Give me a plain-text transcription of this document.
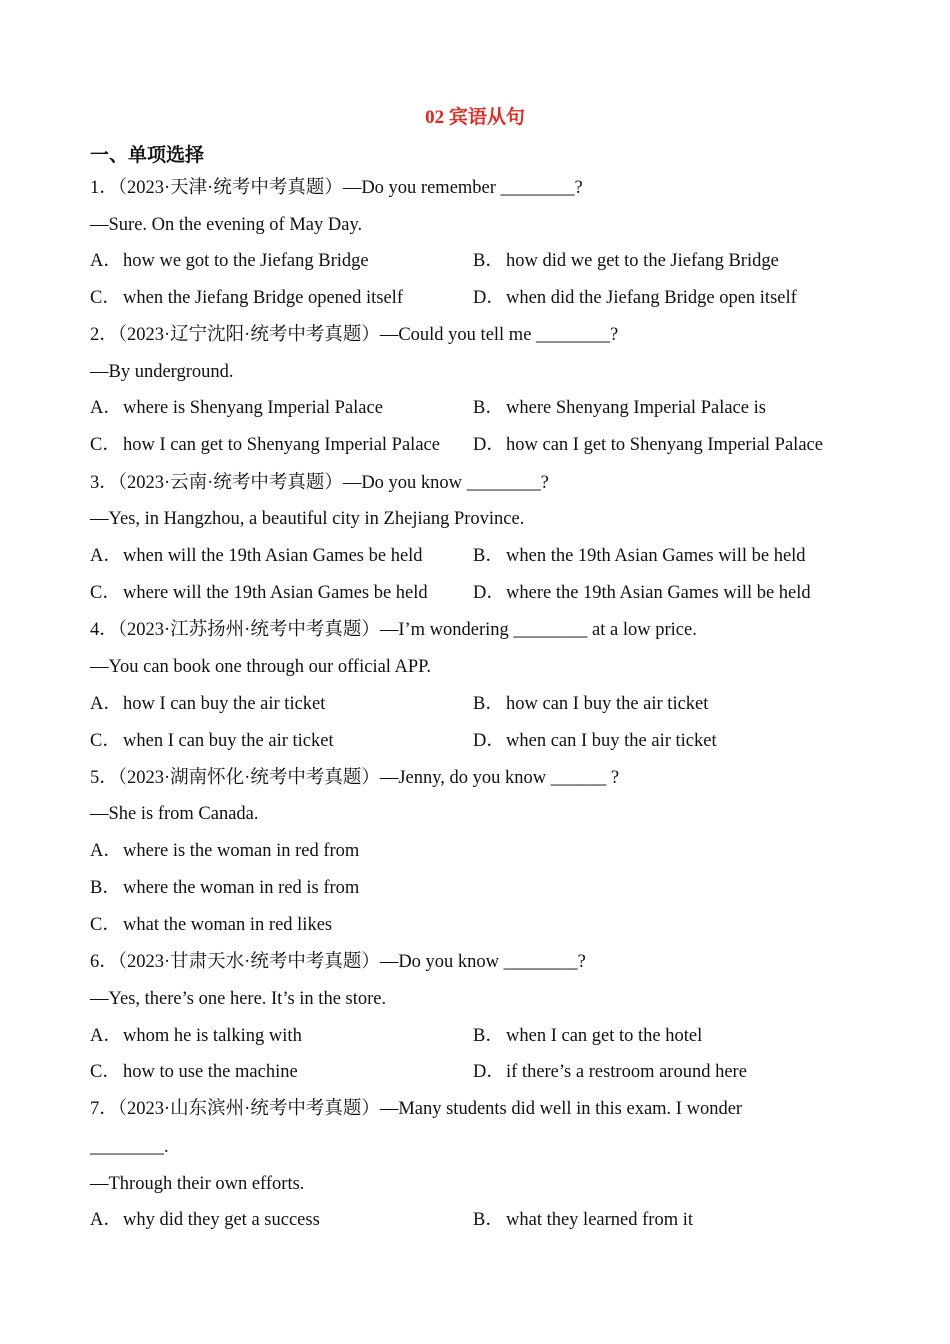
02 宾语从句
一、单项选择
1．（2023·天津·统考中考真题）—Do you remember ________?
—Sure. On the evening of May Day.
A．how we got to the Jiefang Bridge	B． how did we get to the Jiefang Bridge
C． when the Jiefang Bridge opened itself	D．when did the Jiefang Bridge open itself
2．（2023·辽宁沈阳·统考中考真题）—Could you tell me ________?
—By underground.
A．where is Shenyang Imperial Palace	B． where Shenyang Imperial Palace is
C． how I can get to Shenyang Imperial Palace D．how can I get to Shenyang Imperial Palace
3．（2023·云南·统考中考真题）—Do you know ________?
—Yes, in Hangzhou, a beautiful city in Zhejiang Province.
A．when will the 19th Asian Games be held	B． when the 19th Asian Games will be held
C． where will the 19th Asian Games be held D．where the 19th Asian Games will be held
4．（2023·江苏扬州·统考中考真题）—I’m wondering ________ at a low price.
—You can book one through our official APP.
A．how I can buy the air ticket	B． how can I buy the air ticket
C． when I can buy the air ticket	D．when can I buy the air ticket
5．（2023·湖南怀化·统考中考真题）—Jenny, do you know ______ ?
—She is from Canada.
A．where is the woman in red from
B． where the woman in red is from
C． what the woman in red likes
6．（2023·甘肃天水·统考中考真题）—Do you know ________?
—Yes, there’s one here. It’s in the store.
A．whom he is talking with	B． when I can get to the hotel
C． how to use the machine	D．if there’s a restroom around here
7．（2023·山东滨州·统考中考真题）—Many students did well in this exam. I wonder
________.
—Through their own efforts.
A．why did they get a success	B． what they learned from it
